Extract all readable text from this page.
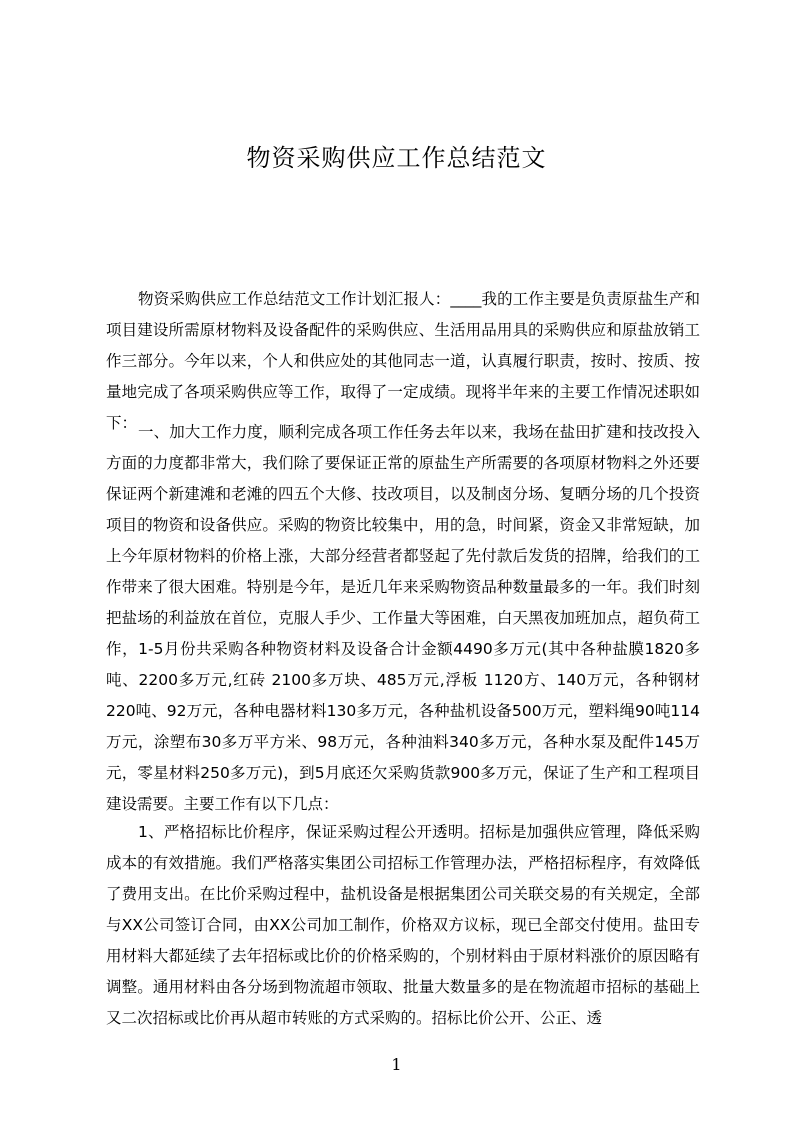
物资采购供应工作总结范文

物资采购供应工作总结范文工作计划汇报人：____我的工作主要是负责原盐生产和项目建设所需原材物料及设备配件的采购供应、生活用品用具的采购供应和原盐放销工作三部分。今年以来，个人和供应处的其他同志一道，认真履行职责，按时、按质、按量地完成了各项采购供应等工作，取得了一定成绩。现将半年来的主要工作情况述职如下： 一、加大工作力度，顺利完成各项工作任务去年以来，我场在盐田扩建和技改投入方面的力度都非常大，我们除了要保证正常的原盐生产所需要的各项原材物料之外还要保证两个新建滩和老滩的四五个大修、技改项目，以及制卤分场、复晒分场的几个投资项目的物资和设备供应。采购的物资比较集中，用的急，时间紧，资金又非常短缺，加上今年原材物料的价格上涨，大部分经营者都竖起了先付款后发货的招牌，给我们的工作带来了很大困难。特别是今年，是近几年来采购物资品种数量最多的一年。我们时刻把盐场的利益放在首位，克服人手少、工作量大等困难，白天黑夜加班加点，超负荷工作，1-5月份共采购各种物资材料及设备合计金额4490多万元(其中各种盐膜1820多吨、2200多万元,红砖 2100多万块、485万元,浮板 1120方、140万元，各种钢材220吨、92万元，各种电器材料130多万元，各种盐机设备500万元，塑料绳90吨114万元，涂塑布30多万平方米、98万元，各种油料340多万元，各种水泵及配件145万元，零星材料250多万元)，到5月底还欠采购货款900多万元，保证了生产和工程项目建设需要。主要工作有以下几点：

1、严格招标比价程序，保证采购过程公开透明。招标是加强供应管理，降低采购成本的有效措施。我们严格落实集团公司招标工作管理办法，严格招标程序，有效降低了费用支出。在比价采购过程中，盐机设备是根据集团公司关联交易的有关规定，全部与XX公司签订合同，由XX公司加工制作，价格双方议标，现已全部交付使用。盐田专用材料大都延续了去年招标或比价的价格采购的，个别材料由于原材料涨价的原因略有调整。通用材料由各分场到物流超市领取、批量大数量多的是在物流超市招标的基础上又二次招标或比价再从超市转账的方式采购的。招标比价公开、公正、透

1
